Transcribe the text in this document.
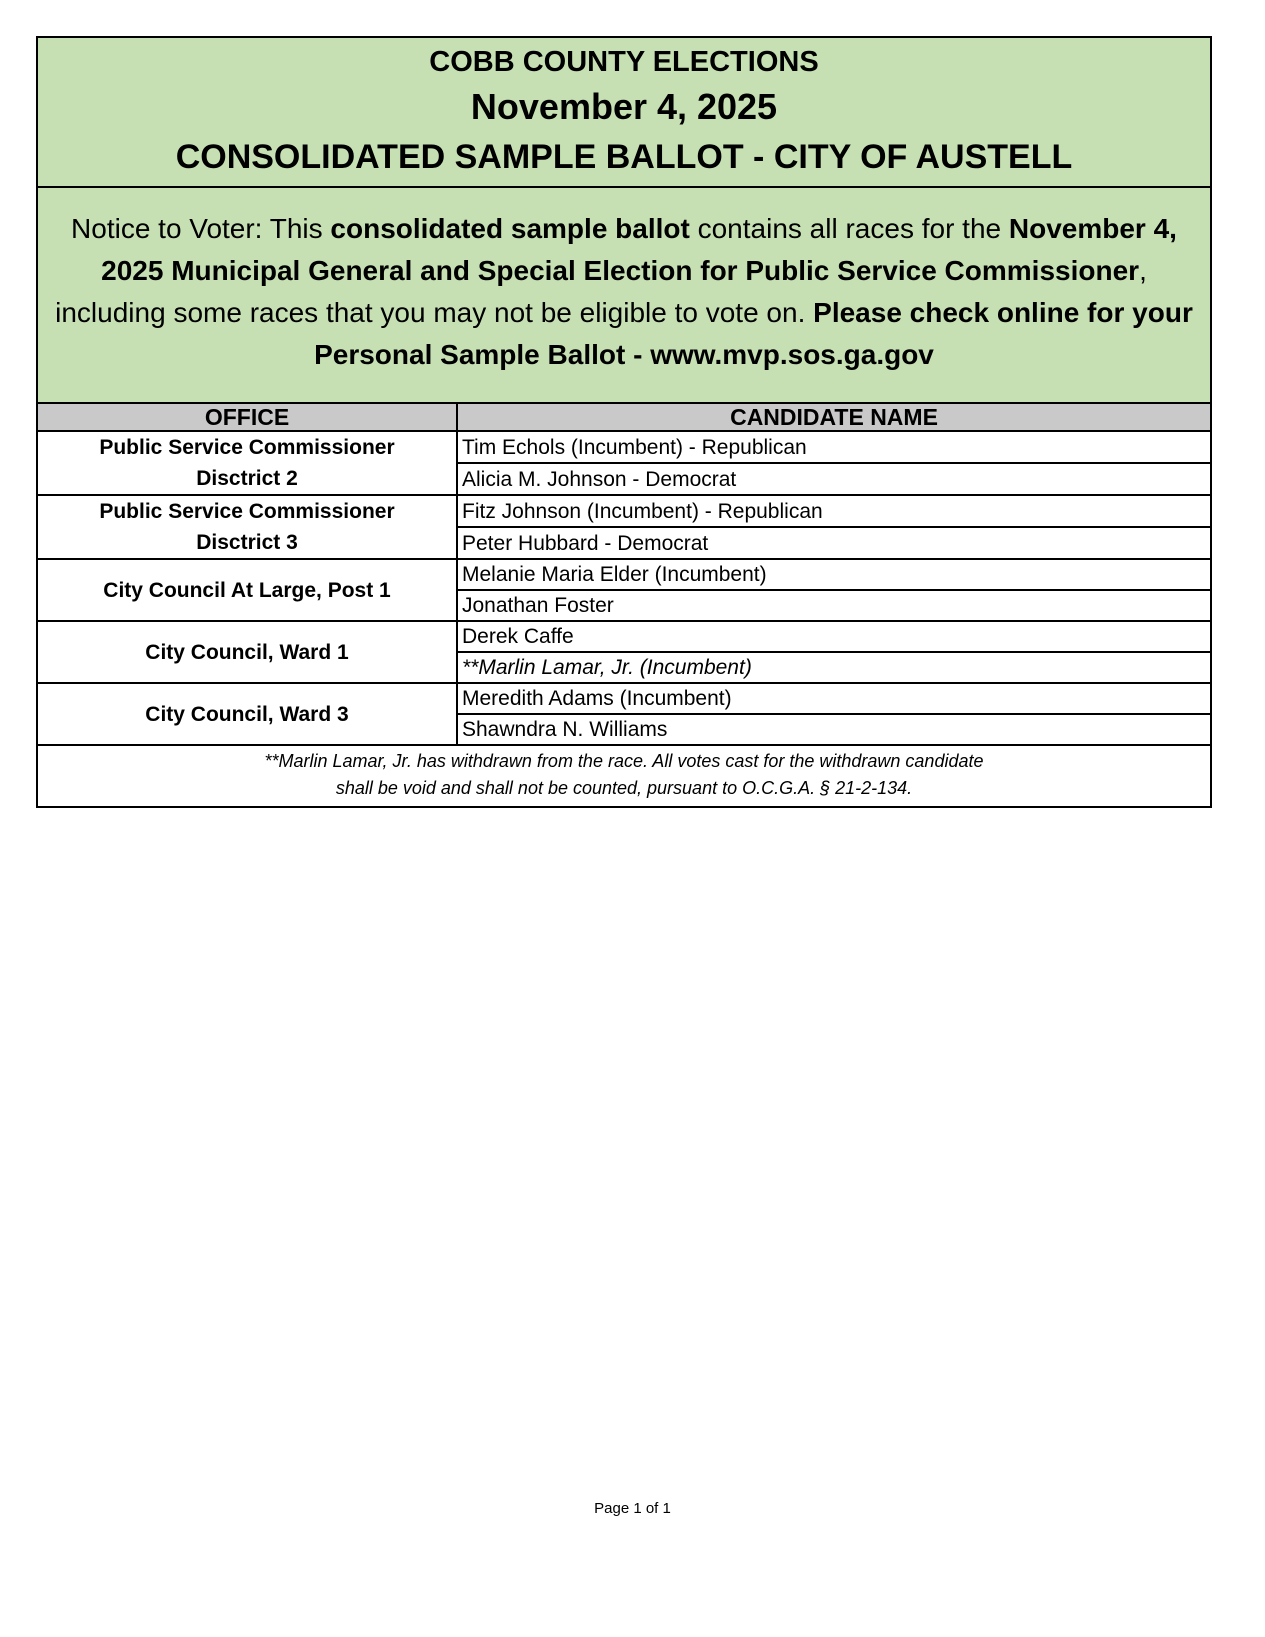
COBB COUNTY ELECTIONS
November 4, 2025
CONSOLIDATED SAMPLE BALLOT - CITY OF AUSTELL
Notice to Voter: This consolidated sample ballot contains all races for the November 4, 2025 Municipal General and Special Election for Public Service Commissioner, including some races that you may not be eligible to vote on. Please check online for your Personal Sample Ballot - www.mvp.sos.ga.gov
OFFICE	CANDIDATE NAME
Public Service Commissioner
Disctrict 2	Tim Echols (Incumbent) - Republican
	Alicia M. Johnson - Democrat
Public Service Commissioner
Disctrict 3	Fitz Johnson (Incumbent) - Republican
	Peter Hubbard - Democrat
City Council At Large, Post 1	Melanie Maria Elder (Incumbent)
	Jonathan Foster
City Council, Ward 1	Derek Caffe
	**Marlin Lamar, Jr. (Incumbent)
City Council, Ward 3	Meredith Adams (Incumbent)
	Shawndra N. Williams
**Marlin Lamar, Jr. has withdrawn from the race. All votes cast for the withdrawn candidate
shall be void and shall not be counted, pursuant to O.C.G.A. § 21-2-134.
Page 1 of 1
